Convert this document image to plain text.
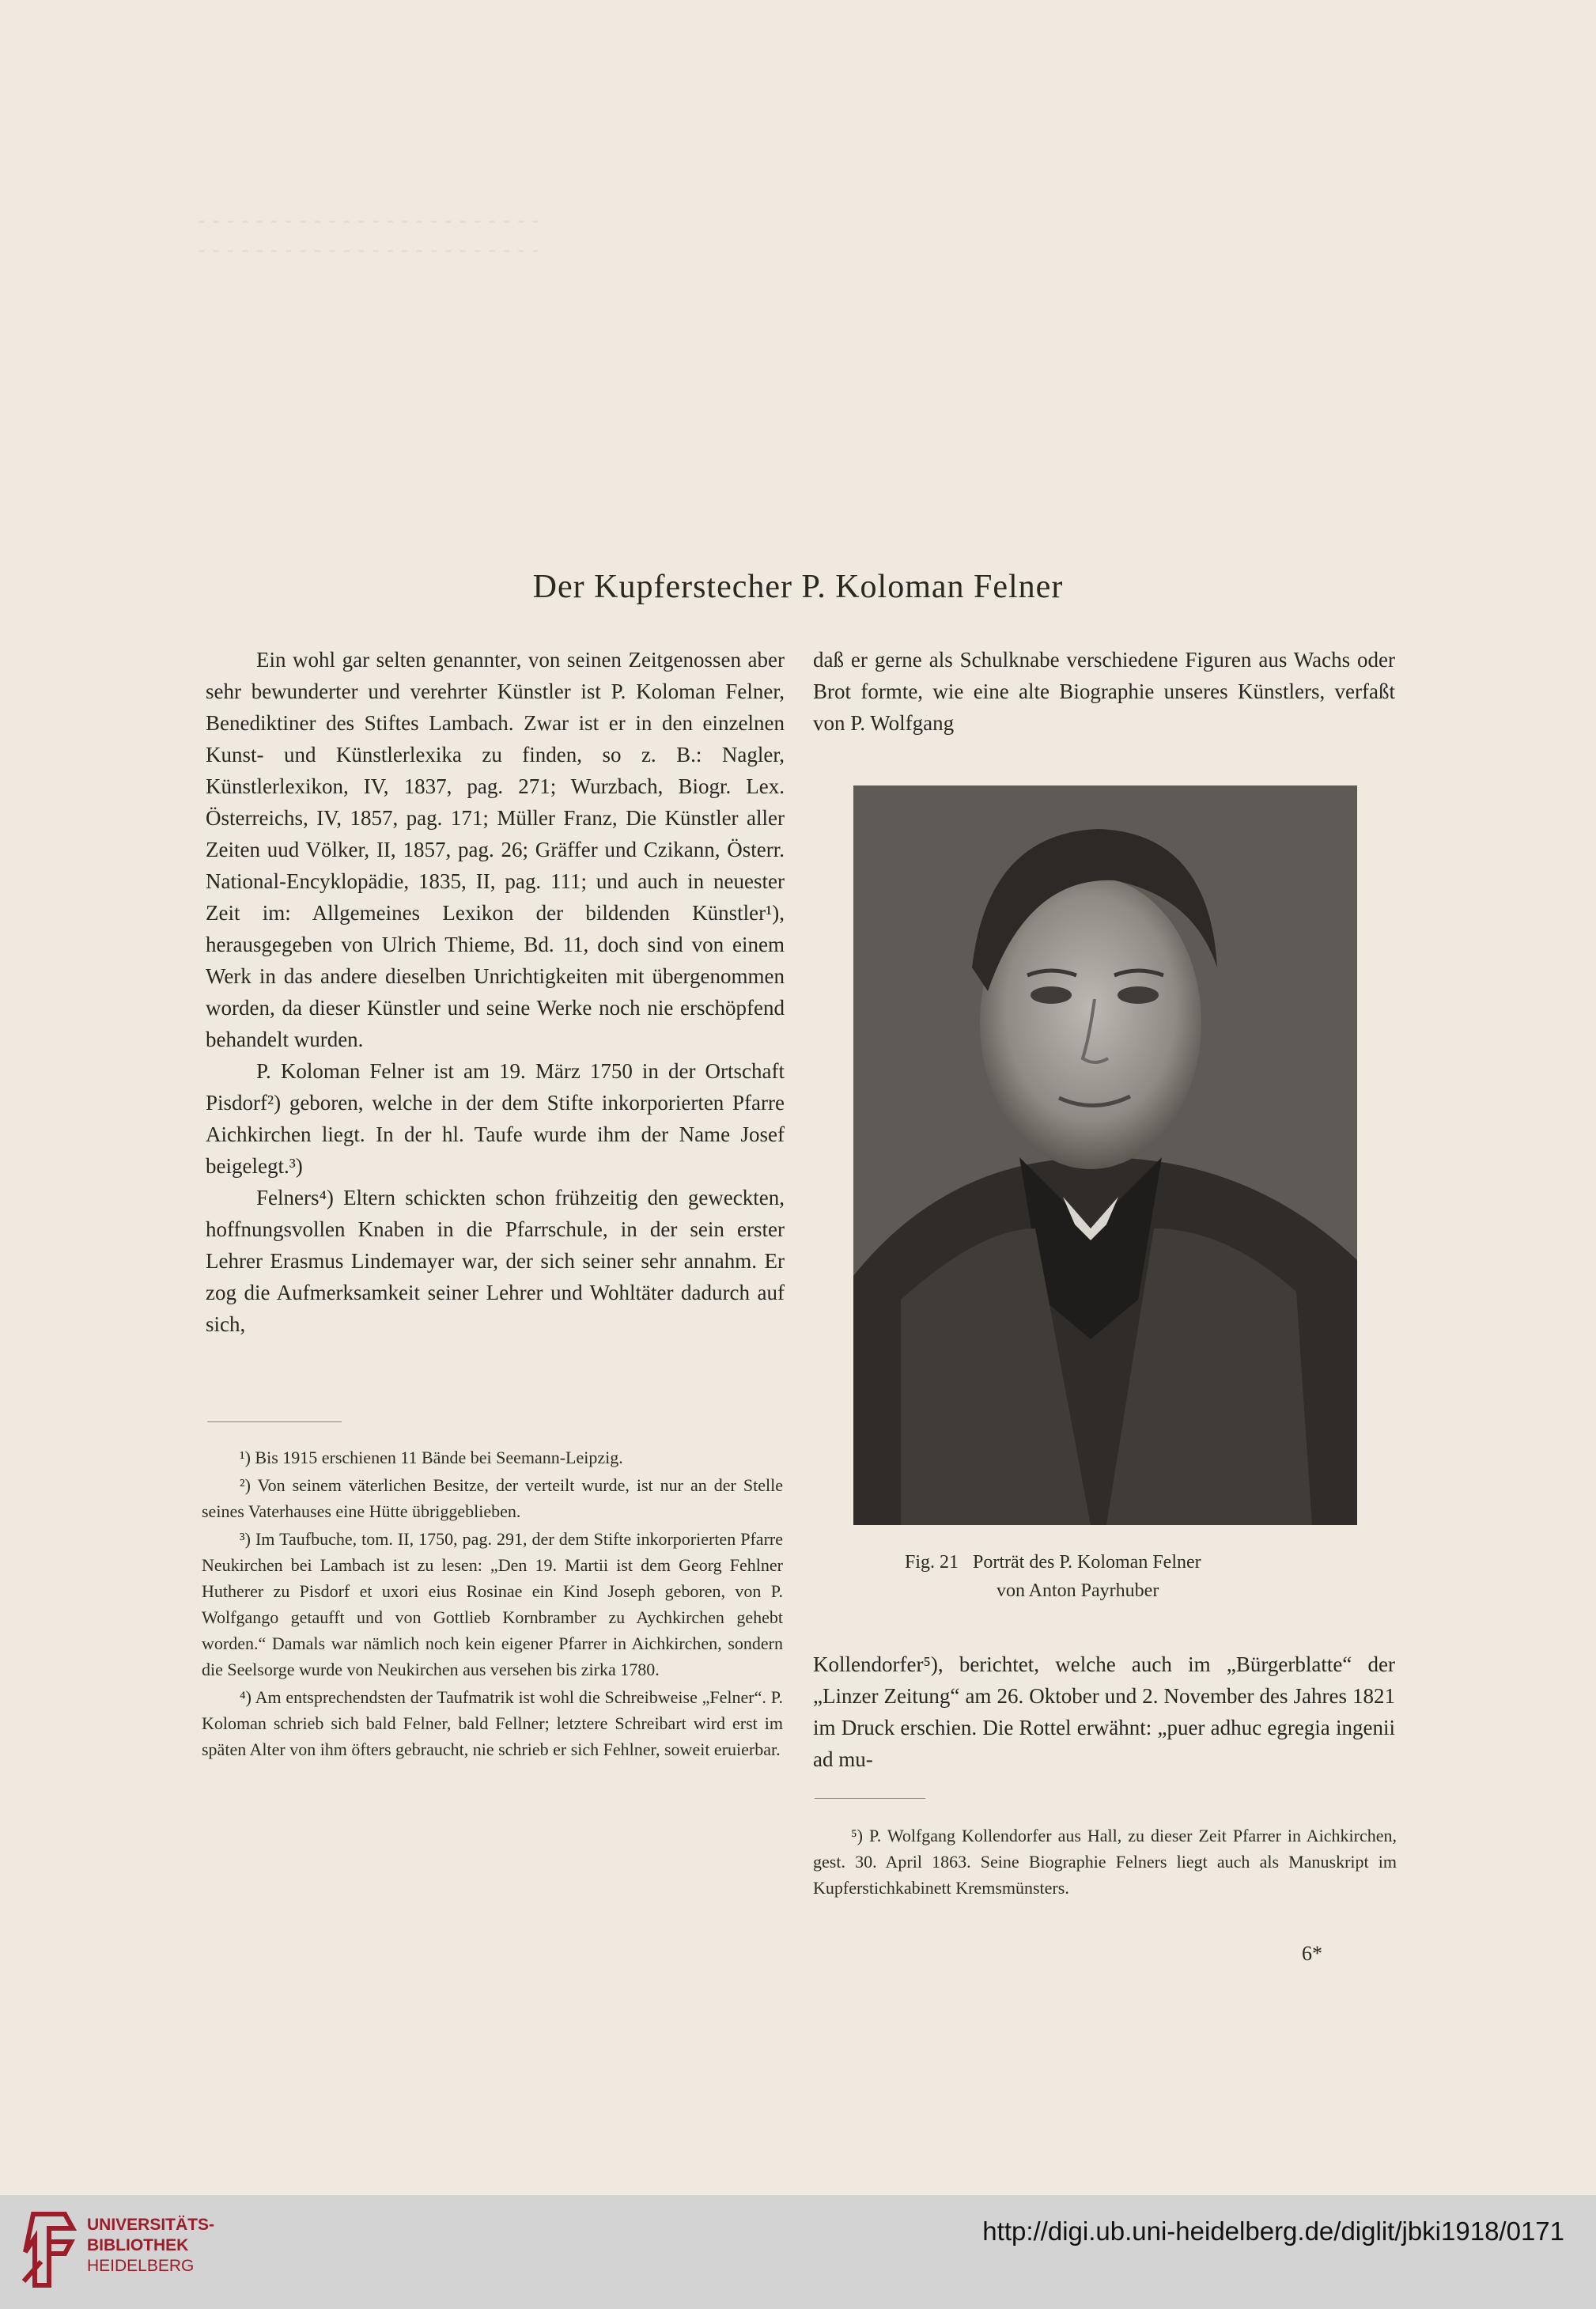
‑ ‑ ‑ ‑ ‑ ‑ ‑ ‑ ‑ ‑ ‑ ‑ ‑ ‑ ‑ ‑ ‑ ‑ ‑ ‑ ‑ ‑ ‑ ‑
‑ ‑ ‑ ‑ ‑ ‑ ‑ ‑ ‑ ‑ ‑ ‑ ‑ ‑ ‑ ‑ ‑ ‑ ‑ ‑ ‑ ‑ ‑ ‑
Der Kupferstecher P. Koloman Felner

Ein wohl gar selten genannter, von seinen Zeitgenossen aber sehr bewunderter und verehrter Künstler ist P. Koloman Felner, Benediktiner des Stiftes Lambach. Zwar ist er in den einzelnen Kunst- und Künstlerlexika zu finden, so z. B.: Nagler, Künstlerlexikon, IV, 1837, pag. 271; Wurzbach, Biogr. Lex. Österreichs, IV, 1857, pag. 171; Müller Franz, Die Künstler aller Zeiten uud Völker, II, 1857, pag. 26; Gräffer und Czikann, Österr. National-Encyklopädie, 1835, II, pag. 111; und auch in neuester Zeit im: Allgemeines Lexikon der bildenden Künstler¹), herausgegeben von Ulrich Thieme, Bd. 11, doch sind von einem Werk in das andere dieselben Unrichtigkeiten mit übergenommen worden, da dieser Künstler und seine Werke noch nie erschöpfend behandelt wurden.

P. Koloman Felner ist am 19. März 1750 in der Ortschaft Pisdorf²) geboren, welche in der dem Stifte inkorporierten Pfarre Aichkirchen liegt. In der hl. Taufe wurde ihm der Name Josef beigelegt.³)

Felners⁴) Eltern schickten schon frühzeitig den geweckten, hoffnungsvollen Knaben in die Pfarrschule, in der sein erster Lehrer Erasmus Lindemayer war, der sich seiner sehr annahm. Er zog die Aufmerksamkeit seiner Lehrer und Wohltäter dadurch auf sich,

¹) Bis 1915 erschienen 11 Bände bei Seemann-Leipzig.

²) Von seinem väterlichen Besitze, der verteilt wurde, ist nur an der Stelle seines Vaterhauses eine Hütte übriggeblieben.

³) Im Taufbuche, tom. II, 1750, pag. 291, der dem Stifte inkorporierten Pfarre Neukirchen bei Lambach ist zu lesen: „Den 19. Martii ist dem Georg Fehlner Hutherer zu Pisdorf et uxori eius Rosinae ein Kind Joseph geboren, von P. Wolfgango getaufft und von Gottlieb Kornbramber zu Aychkirchen gehebt worden.“ Damals war nämlich noch kein eigener Pfarrer in Aichkirchen, sondern die Seelsorge wurde von Neukirchen aus versehen bis zirka 1780.

⁴) Am entsprechendsten der Taufmatrik ist wohl die Schreibweise „Felner“. P. Koloman schrieb sich bald Felner, bald Fellner; letztere Schreibart wird erst im späten Alter von ihm öfters gebraucht, nie schrieb er sich Fehlner, soweit eruierbar.

daß er gerne als Schulknabe verschiedene Figuren aus Wachs oder Brot formte, wie eine alte Biographie unseres Künstlers, verfaßt von P. Wolfgang

Fig. 21   Porträt des P. Koloman Felner
von Anton Payrhuber

Kollendorfer⁵), berichtet, welche auch im „Bürgerblatte“ der „Linzer Zeitung“ am 26. Oktober und 2. November des Jahres 1821 im Druck erschien. Die Rottel erwähnt: „puer adhuc egregia ingenii ad mu-

⁵) P. Wolfgang Kollendorfer aus Hall, zu dieser Zeit Pfarrer in Aichkirchen, gest. 30. April 1863. Seine Biographie Felners liegt auch als Manuskript im Kupferstichkabinett Kremsmünsters.

6*
UNIVERSITÄTS-
BIBLIOTHEK
HEIDELBERG
http://digi.ub.uni-heidelberg.de/diglit/jbki1918/0171
